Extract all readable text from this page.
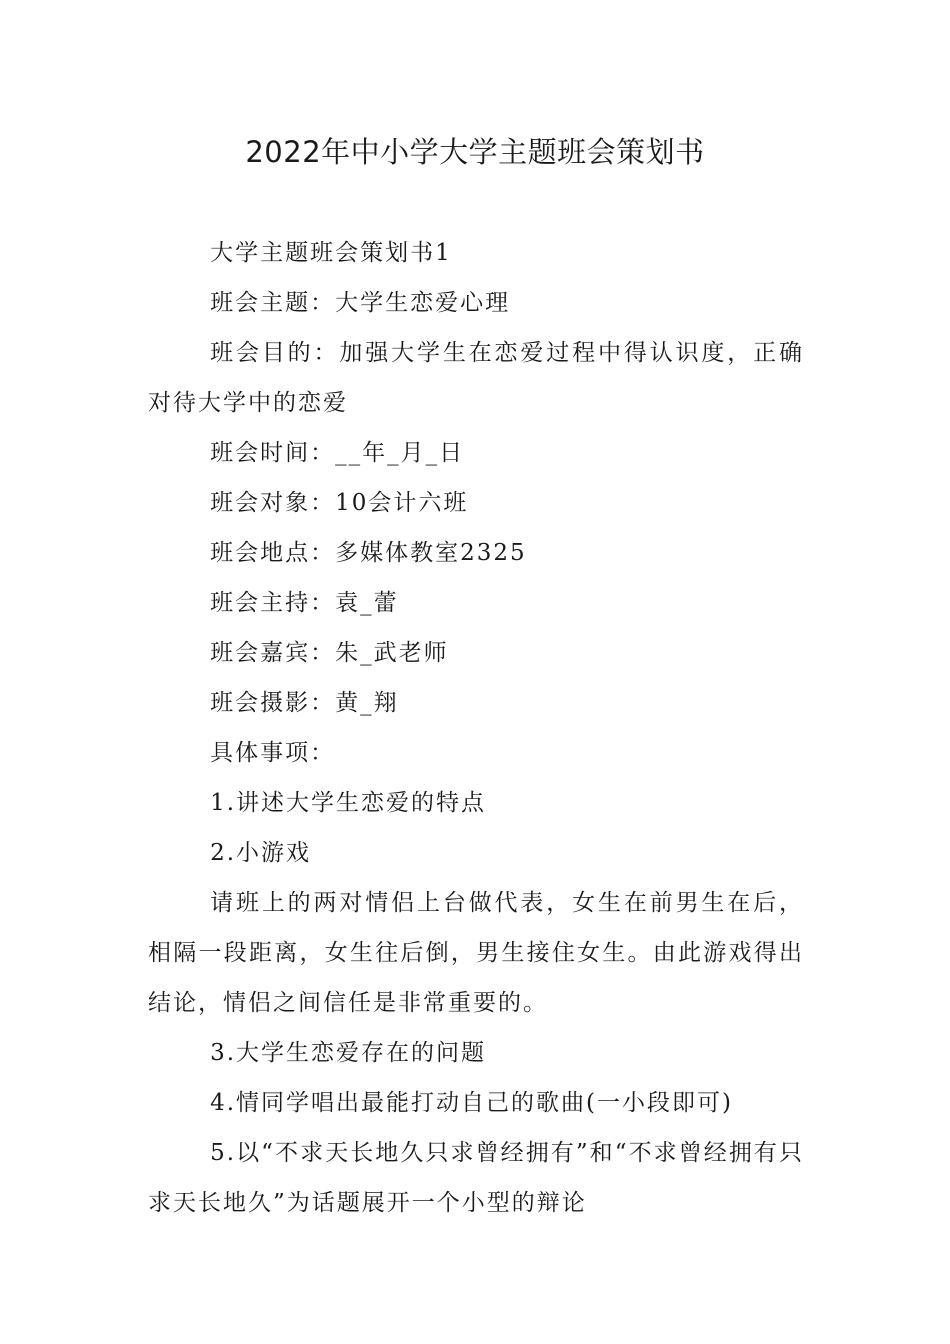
2022年中小学大学主题班会策划书

大学主题班会策划书1

班会主题：大学生恋爱心理

班会目的：加强大学生在恋爱过程中得认识度，正确对待大学中的恋爱

班会时间：__年_月_日

班会对象：10会计六班

班会地点：多媒体教室2325

班会主持：袁_蕾

班会嘉宾：朱_武老师

班会摄影：黄_翔

具体事项：

1.讲述大学生恋爱的特点

2.小游戏

请班上的两对情侣上台做代表，女生在前男生在后，相隔一段距离，女生往后倒，男生接住女生。由此游戏得出结论，情侣之间信任是非常重要的。

3.大学生恋爱存在的问题

4.情同学唱出最能打动自己的歌曲(一小段即可)

5.以“不求天长地久只求曾经拥有”和“不求曾经拥有只求天长地久”为话题展开一个小型的辩论
